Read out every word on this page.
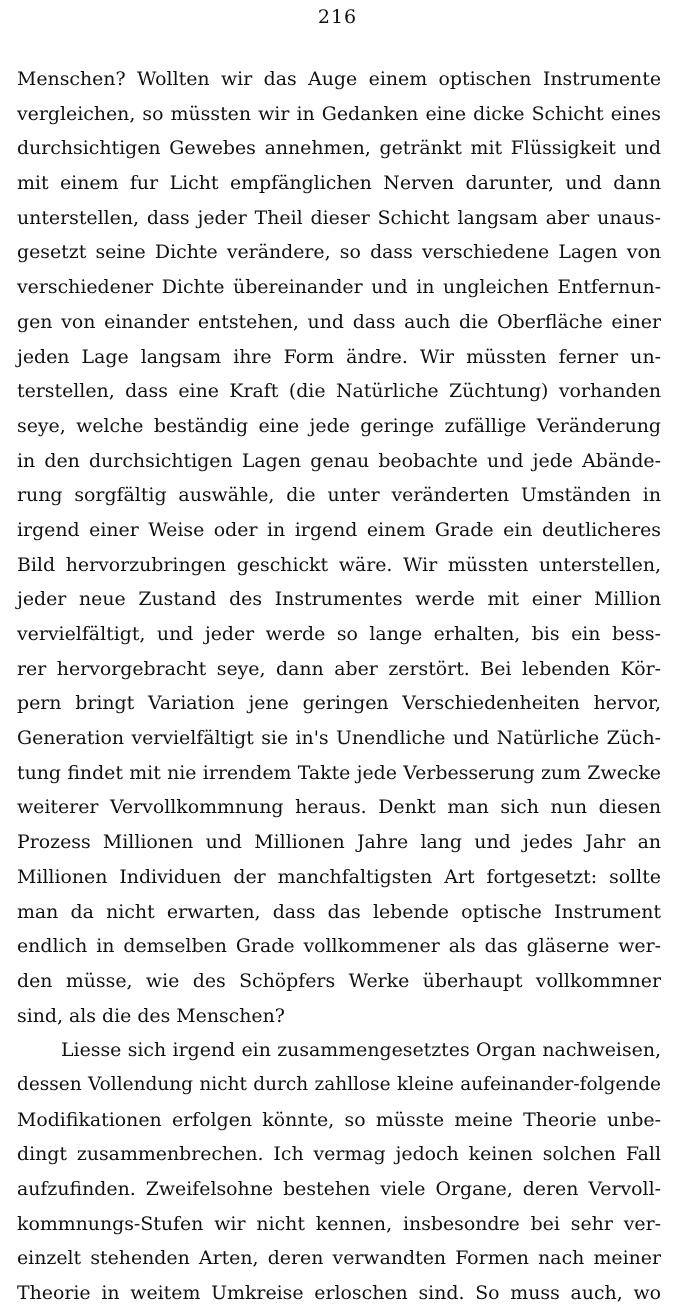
216
Menschen? Wollten wir das Auge einem optischen Instrumente
vergleichen, so müssten wir in Gedanken eine dicke Schicht eines
durchsichtigen Gewebes annehmen, getränkt mit Flüssigkeit und
mit einem fur Licht empfänglichen Nerven darunter, und dann
unterstellen, dass jeder Theil dieser Schicht langsam aber unaus-
gesetzt seine Dichte verändere, so dass verschiedene Lagen von
verschiedener Dichte übereinander und in ungleichen Entfernun-
gen von einander entstehen, und dass auch die Oberfläche einer
jeden Lage langsam ihre Form ändre. Wir müssten ferner un-
terstellen, dass eine Kraft (die Natürliche Züchtung) vorhanden
seye, welche beständig eine jede geringe zufällige Veränderung
in den durchsichtigen Lagen genau beobachte und jede Abände-
rung sorgfältig auswähle, die unter veränderten Umständen in
irgend einer Weise oder in irgend einem Grade ein deutlicheres
Bild hervorzubringen geschickt wäre. Wir müssten unterstellen,
jeder neue Zustand des Instrumentes werde mit einer Million
vervielfältigt, und jeder werde so lange erhalten, bis ein bess-
rer hervorgebracht seye, dann aber zerstört. Bei lebenden Kör-
pern bringt Variation jene geringen Verschiedenheiten hervor,
Generation vervielfältigt sie in's Unendliche und Natürliche Züch-
tung findet mit nie irrendem Takte jede Verbesserung zum Zwecke
weiterer Vervollkommnung heraus. Denkt man sich nun diesen
Prozess Millionen und Millionen Jahre lang und jedes Jahr an
Millionen Individuen der manchfaltigsten Art fortgesetzt: sollte
man da nicht erwarten, dass das lebende optische Instrument
endlich in demselben Grade vollkommener als das gläserne wer-
den müsse, wie des Schöpfers Werke überhaupt vollkommner
sind, als die des Menschen?
Liesse sich irgend ein zusammengesetztes Organ nachweisen,
dessen Vollendung nicht durch zahllose kleine aufeinander-folgende
Modifikationen erfolgen könnte, so müsste meine Theorie unbe-
dingt zusammenbrechen. Ich vermag jedoch keinen solchen Fall
aufzufinden. Zweifelsohne bestehen viele Organe, deren Vervoll-
kommnungs-Stufen wir nicht kennen, insbesondre bei sehr ver-
einzelt stehenden Arten, deren verwandten Formen nach meiner
Theorie in weitem Umkreise erloschen sind. So muss auch, wo
